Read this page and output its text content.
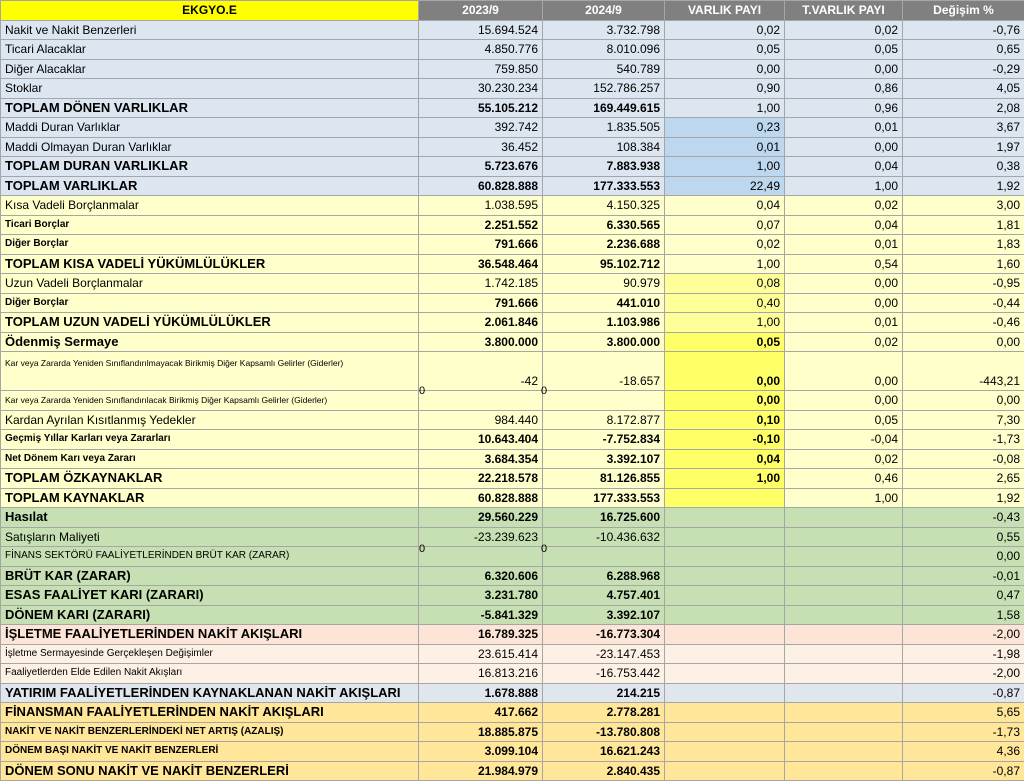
EKGYO.E	2023/9	2024/9	VARLIK PAYI	T.VARLIK PAYI	Değişim %
Nakit ve Nakit Benzerleri	15.694.524	3.732.798	0,02	0,02	-0,76
Ticari Alacaklar	4.850.776	8.010.096	0,05	0,05	0,65
Diğer Alacaklar	759.850	540.789	0,00	0,00	-0,29
Stoklar	30.230.234	152.786.257	0,90	0,86	4,05
TOPLAM DÖNEN VARLIKLAR	55.105.212	169.449.615	1,00	0,96	2,08
Maddi Duran Varlıklar	392.742	1.835.505	0,23	0,01	3,67
Maddi Olmayan Duran Varlıklar	36.452	108.384	0,01	0,00	1,97
TOPLAM DURAN VARLIKLAR	5.723.676	7.883.938	1,00	0,04	0,38
TOPLAM VARLIKLAR	60.828.888	177.333.553	22,49	1,00	1,92
Kısa Vadeli Borçlanmalar	1.038.595	4.150.325	0,04	0,02	3,00
Ticari Borçlar	2.251.552	6.330.565	0,07	0,04	1,81
Diğer Borçlar	791.666	2.236.688	0,02	0,01	1,83
TOPLAM KISA VADELİ YÜKÜMLÜLÜKLER	36.548.464	95.102.712	1,00	0,54	1,60
Uzun Vadeli Borçlanmalar	1.742.185	90.979	0,08	0,00	-0,95
Diğer Borçlar	791.666	441.010	0,40	0,00	-0,44
TOPLAM UZUN VADELİ YÜKÜMLÜLÜKLER	2.061.846	1.103.986	1,00	0,01	-0,46
Ödenmiş Sermaye	3.800.000	3.800.000	0,05	0,02	0,00
Kar veya Zararda Yeniden Sınıflandırılmayacak Birikmiş Diğer Kapsamlı Gelirler (Giderler)	-42	-18.657	0,00	0,00	-443,21
Kar veya Zararda Yeniden Sınıflandırılacak Birikmiş Diğer Kapsamlı Gelirler (Giderler)			0,00	0,00	0,00
Kardan Ayrılan Kısıtlanmış Yedekler	984.440	8.172.877	0,10	0,05	7,30
Geçmiş Yıllar Karları veya Zararları	10.643.404	-7.752.834	-0,10	-0,04	-1,73
Net Dönem Karı veya Zararı	3.684.354	3.392.107	0,04	0,02	-0,08
TOPLAM ÖZKAYNAKLAR	22.218.578	81.126.855	1,00	0,46	2,65
TOPLAM KAYNAKLAR	60.828.888	177.333.553		1,00	1,92
Hasılat	29.560.229	16.725.600			-0,43
Satışların Maliyeti	-23.239.623	-10.436.632			0,55
FİNANS SEKTÖRÜ FAALİYETLERİNDEN BRÜT KAR (ZARAR)					0,00
BRÜT KAR (ZARAR)	6.320.606	6.288.968			-0,01
ESAS FAALİYET KARI (ZARARI)	3.231.780	4.757.401			0,47
DÖNEM KARI (ZARARI)	-5.841.329	3.392.107			1,58
İŞLETME FAALİYETLERİNDEN NAKİT AKIŞLARI	16.789.325	-16.773.304			-2,00
İşletme Sermayesinde Gerçekleşen Değişimler	23.615.414	-23.147.453			-1,98
Faaliyetlerden Elde Edilen Nakit Akışları	16.813.216	-16.753.442			-2,00
YATIRIM FAALİYETLERİNDEN KAYNAKLANAN NAKİT AKIŞLARI	1.678.888	214.215			-0,87
FİNANSMAN FAALİYETLERİNDEN NAKİT AKIŞLARI	417.662	2.778.281			5,65
NAKİT VE NAKİT BENZERLERİNDEKİ NET ARTIŞ (AZALIŞ)	18.885.875	-13.780.808			-1,73
DÖNEM BAŞI NAKİT VE NAKİT BENZERLERİ	3.099.104	16.621.243			4,36
DÖNEM SONU NAKİT VE NAKİT BENZERLERİ	21.984.979	2.840.435			-0,87
0	0
0	0
